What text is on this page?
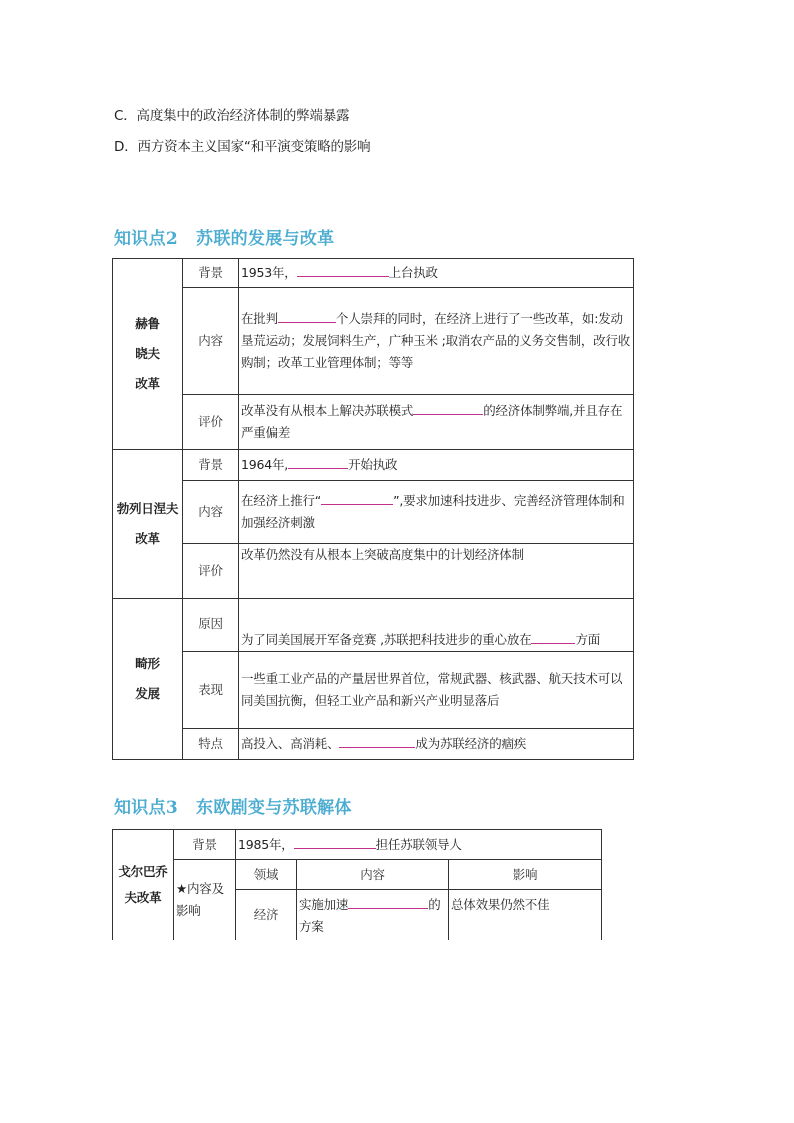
C．高度集中的政治经济体制的弊端暴露
D．西方资本主义国家“和平演变策略的影响
知识点2 苏联的发展与改革
赫鲁
晓夫
改革	背景	1953年， 上台执政
	内容	在批判 个人崇拜的同时，在经济上进行了一些改革，如:发动垦荒运动；发展饲料生产，广种玉米 ;取消农产品的义务交售制，改行收购制；改革工业管理体制；等等
	评价	改革没有从根本上解决苏联模式 的经济体制弊端,并且存在严重偏差

勃列日涅夫
改革	背景	1964年, 开始执政
	内容	在经济上推行“ ”,要求加速科技进步、完善经济管理体制和加强经济刺激
	评价	改革仍然没有从根本上突破高度集中的计划经济体制

畸形
发展	原因	为了同美国展开军备竞赛 ,苏联把科技进步的重心放在 方面
	表现	一些重工业产品的产量居世界首位，常规武器、核武器、航天技术可以同美国抗衡，但轻工业产品和新兴产业明显落后
	特点	高投入、高消耗、 成为苏联经济的痼疾
知识点3 东欧剧变与苏联解体
戈尔巴乔
夫改革	背景	1985年， 担任苏联领导人		
	★内容及影响	领域	内容	影响
		经济	实施加速 的方案	总体效果仍然不佳
